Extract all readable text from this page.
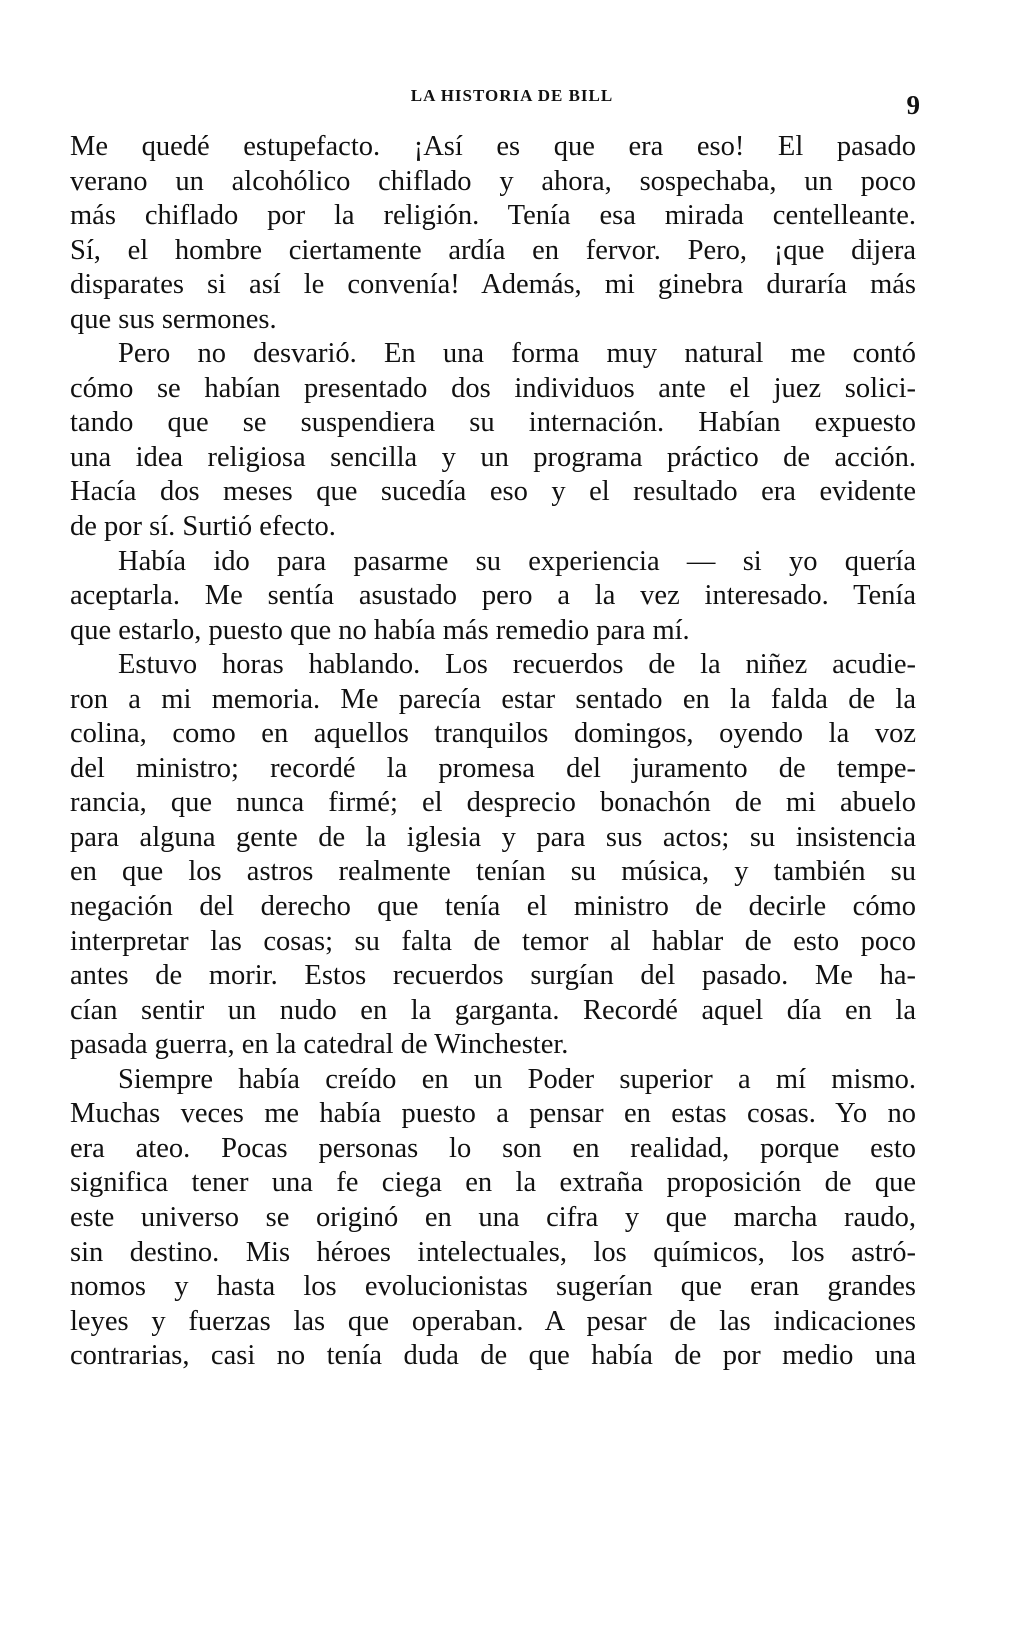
LA HISTORIA DE BILL	9
Me quedé estupefacto. ¡Así es que era eso! El pasado
verano un alcohólico chiflado y ahora, sospechaba, un poco
más chiflado por la religión. Tenía esa mirada centelleante.
Sí, el hombre ciertamente ardía en fervor. Pero, ¡que dijera
disparates si así le convenía! Además, mi ginebra duraría más
que sus sermones.
Pero no desvarió. En una forma muy natural me contó
cómo se habían presentado dos individuos ante el juez solici-
tando que se suspendiera su internación. Habían expuesto
una idea religiosa sencilla y un programa práctico de acción.
Hacía dos meses que sucedía eso y el resultado era evidente
de por sí. Surtió efecto.
Había ido para pasarme su experiencia — si yo quería
aceptarla. Me sentía asustado pero a la vez interesado. Tenía
que estarlo, puesto que no había más remedio para mí.
Estuvo horas hablando. Los recuerdos de la niñez acudie-
ron a mi memoria. Me parecía estar sentado en la falda de la
colina, como en aquellos tranquilos domingos, oyendo la voz
del ministro; recordé la promesa del juramento de tempe-
rancia, que nunca firmé; el desprecio bonachón de mi abuelo
para alguna gente de la iglesia y para sus actos; su insistencia
en que los astros realmente tenían su música, y también su
negación del derecho que tenía el ministro de decirle cómo
interpretar las cosas; su falta de temor al hablar de esto poco
antes de morir. Estos recuerdos surgían del pasado. Me ha-
cían sentir un nudo en la garganta. Recordé aquel día en la
pasada guerra, en la catedral de Winchester.
Siempre había creído en un Poder superior a mí mismo.
Muchas veces me había puesto a pensar en estas cosas. Yo no
era ateo. Pocas personas lo son en realidad, porque esto
significa tener una fe ciega en la extraña proposición de que
este universo se originó en una cifra y que marcha raudo,
sin destino. Mis héroes intelectuales, los químicos, los astró-
nomos y hasta los evolucionistas sugerían que eran grandes
leyes y fuerzas las que operaban. A pesar de las indicaciones
contrarias, casi no tenía duda de que había de por medio una
